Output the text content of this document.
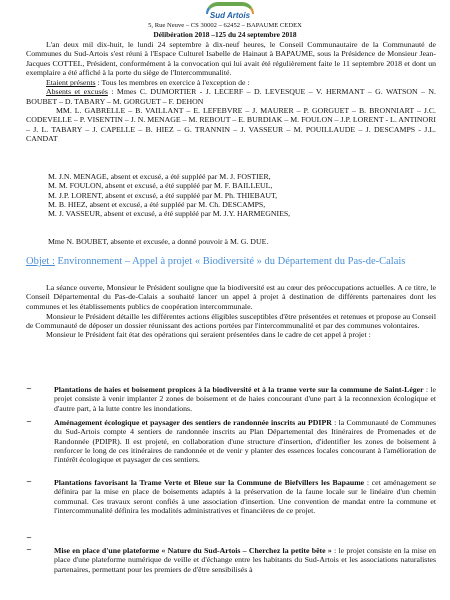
Sud Artois
5, Rue Neuve – CS 30002 – 62452 – BAPAUME CEDEX
Délibération 2018 –125 du 24 septembre 2018

L'an deux mil dix-huit, le lundi 24 septembre à dix-neuf heures, le Conseil Communautaire de la Communauté de Communes du Sud-Artois s'est réuni à l'Espace Culturel Isabelle de Hainaut à BAPAUME, sous la Présidence de Monsieur Jean-Jacques COTTEL, Président, conformément à la convocation qui lui avait été régulièrement faite le 11 septembre 2018 et dont un exemplaire a été affiché à la porte du siège de l'Intercommunalité.

Etaient présents : Tous les membres en exercice à l'exception de :

Absents et excusés : Mmes C. DUMORTIER - J. LECERF – D. LEVESQUE – V. HERMANT – G. WATSON – N. BOUBET – D. TABARY – M. GORGUET – F. DEHON

MM. L. GABRELLE – B. VAILLANT – E. LEFEBVRE – J. MAURER – P. GORGUET – B. BRONNIART – J.C. CODEVELLE – P. VISENTIN – J. N. MENAGE – M. REBOUT – E. BURDIAK – M. FOULON – J.P. LORENT - L. ANTINORI – J. L. TABARY – J. CAPELLE – B. HIEZ – G. TRANNIN – J. VASSEUR – M. POUILLAUDE – J. DESCAMPS - J.L. CANDAT

M. J.N. MENAGE, absent et excusé, a été suppléé par M. J. FOSTIER,

M. M. FOULON, absent et excusé, a été suppléé par M. F. BAILLEUL,

M. J.P. LORENT, absent et excusé, a été suppléé par M. Ph. THIEBAUT,

M. B. HIEZ, absent et excusé, a été suppléé par M. Ch. DESCAMPS,

M. J. VASSEUR, absent et excusé, a été suppléé par M. J.Y. HARMEGNIES,

Mme N. BOUBET, absente et excusée, a donné pouvoir à M. G. DUE.
Objet : Environnement – Appel à projet « Biodiversité » du Département du Pas-de-Calais

La séance ouverte, Monsieur le Président souligne que la biodiversité est au cœur des préoccupations actuelles. A ce titre, le Conseil Départemental du Pas-de-Calais a souhaité lancer un appel à projet à destination de différents partenaires dont les communes et les établissements publics de coopération intercommunale.

Monsieur le Président détaille les différentes actions éligibles susceptibles d'être présentées et retenues et propose au Conseil de Communauté de déposer un dossier réunissant des actions portées par l'intercommunalité et par des communes volontaires.

Monsieur le Président fait état des opérations qui seraient présentées dans le cadre de cet appel à projet :

~	Plantations de haies et boisement propices à la biodiversité et à la trame verte sur la commune de Saint-Léger : le projet consiste à venir implanter 2 zones de boisement et de haies concourant d'une part à la reconnexion écologique et d'autre part, à la lutte contre les inondations.

~	Aménagement écologique et paysager des sentiers de randonnée inscrits au PDIPR : la Communauté de Communes du Sud-Artois compte 4 sentiers de randonnée inscrits au Plan Départemental des Itinéraires de Promenades et de Randonnée (PDIPR). Il est projeté, en collaboration d'une structure d'insertion, d'identifier les zones de boisement à renforcer le long de ces itinéraires de randonnée et de venir y planter des essences locales concourant à l'amélioration de l'intérêt écologique et paysager de ces sentiers.

~	Plantations favorisant la Trame Verte et Bleue sur la Commune de Biefvillers les Bapaume : cet aménagement se définira par la mise en place de boisements adaptés à la préservation de la faune locale sur le linéaire d'un chemin communal. Ces travaux seront confiés à une association d'insertion. Une convention de mandat entre la commune et l'intercommunalité définira les modalités administratives et financières de ce projet.

~
~	Mise en place d'une plateforme « Nature du Sud-Artois – Cherchez la petite bête » : le projet consiste en la mise en place d'une plateforme numérique de veille et d'échange entre les habitants du Sud-Artois et les associations naturalistes partenaires, permettant pour les premiers de d'être sensibilisés à
